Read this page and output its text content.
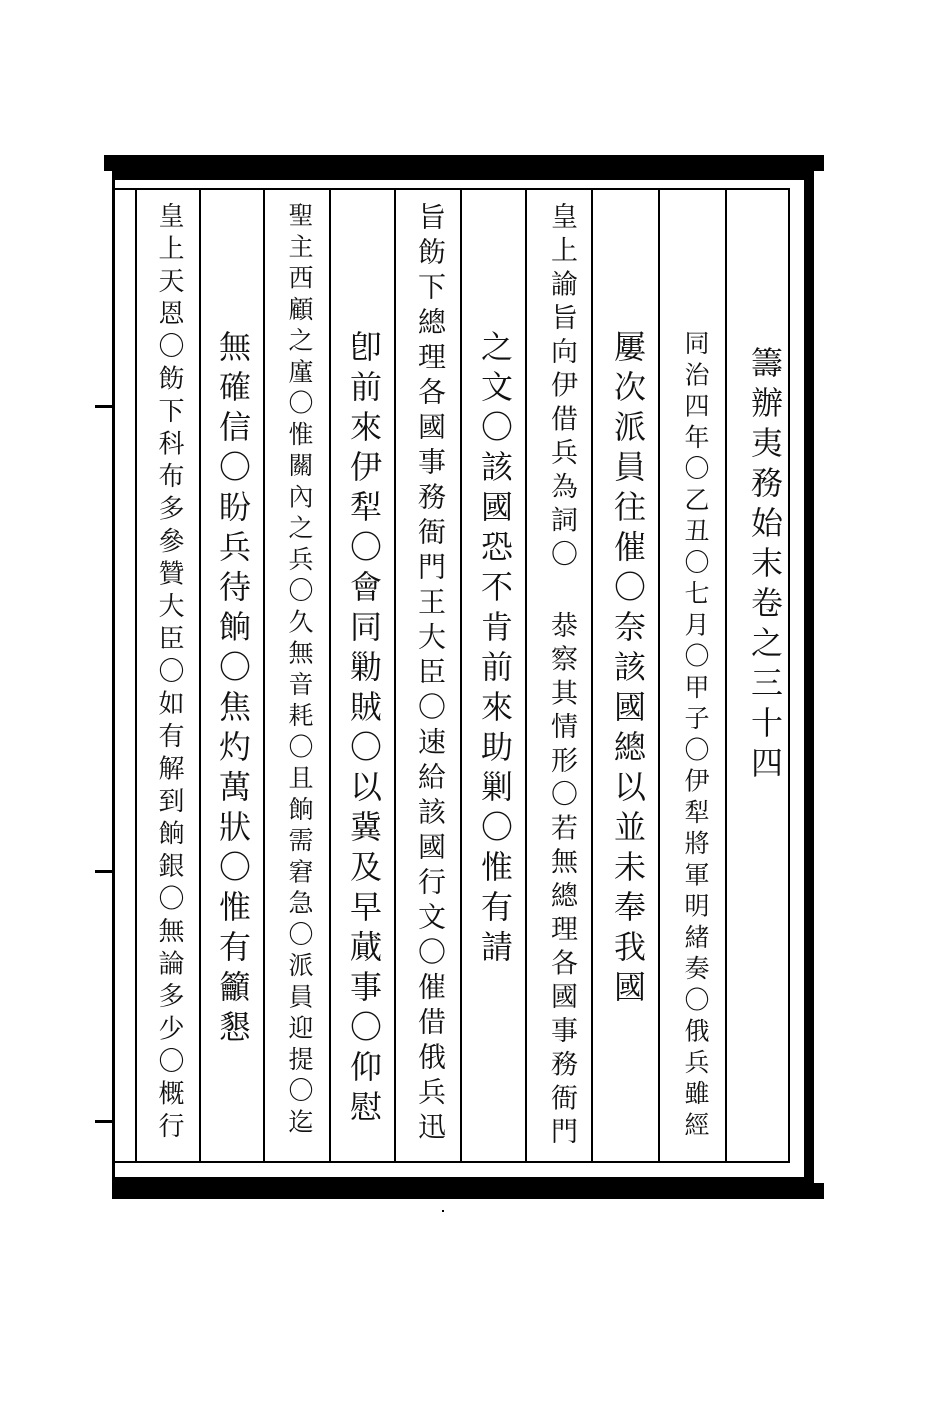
籌辦夷務始末卷之三十四
同治四年〇乙丑〇七月〇甲子〇伊犁將軍明緒奏〇俄兵雖經
屢次派員往催〇奈該國總以並未奉我國
皇上諭旨向伊借兵為詞〇 㳟察其情形〇若無總理各國事務衙門
之文〇該國恐不肯前來助剿〇惟有請
旨飭下總理各國事務衙門王大臣〇速給該國行文〇催借俄兵迅
卽前來伊犁〇會同勦賊〇以冀及早蕆事〇仰慰
聖主西顧之廑〇惟關內之兵〇久無音耗〇且餉需窘急〇派員迎提〇迄
無確信〇盼兵待餉〇焦灼萬狀〇惟有籲懇
皇上天恩〇飭下科布多參贊大臣〇如有解到餉銀〇無論多少〇概行
